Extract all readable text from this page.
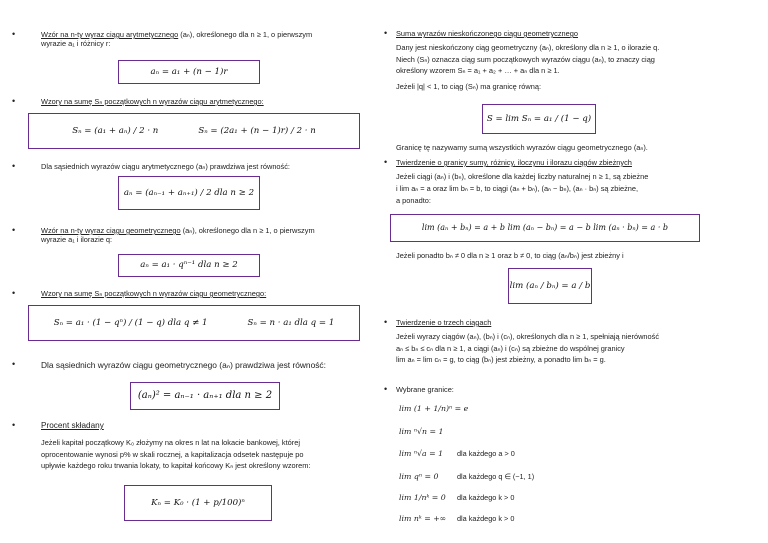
•	Wzór na n-ty wyraz ciągu arytmetycznego (aₙ), określonego dla n ≥ 1, o pierwszym
wyrazie a₁ i różnicy r:
aₙ = a₁ + (n − 1)r
•	Wzory na sumę Sₙ początkowych n wyrazów ciągu arytmetycznego:
Sₙ = (a₁ + aₙ) / 2 · n	Sₙ = (2a₁ + (n − 1)r) / 2 · n
•	Dla sąsiednich wyrazów ciągu arytmetycznego (aₙ) prawdziwa jest równość:
aₙ = (aₙ₋₁ + aₙ₊₁) / 2 dla n ≥ 2
•	Wzór na n-ty wyraz ciągu geometrycznego (aₙ), określonego dla n ≥ 1, o pierwszym
wyrazie a₁ i ilorazie q:
aₙ = a₁ · qⁿ⁻¹ dla n ≥ 2
•	Wzory na sumę Sₙ początkowych n wyrazów ciągu geometrycznego:
Sₙ = a₁ · (1 − qⁿ) / (1 − q) dla q ≠ 1	Sₙ = n · a₁ dla q = 1
•	Dla sąsiednich wyrazów ciągu geometrycznego (aₙ) prawdziwa jest równość:
(aₙ)² = aₙ₋₁ · aₙ₊₁ dla n ≥ 2
•	Procent składany
Jeżeli kapitał początkowy K₀ złożymy na okres n lat na lokacie bankowej, której
oprocentowanie wynosi p% w skali rocznej, a kapitalizacja odsetek następuje po
upływie każdego roku trwania lokaty, to kapitał końcowy Kₙ jest określony wzorem:
Kₙ = K₀ · (1 + p/100)ⁿ
• Suma wyrazów nieskończonego ciągu geometrycznego
Dany jest nieskończony ciąg geometryczny (aₙ), określony dla n ≥ 1, o ilorazie q.
Niech (Sₙ) oznacza ciąg sum początkowych wyrazów ciągu (aₙ), to znaczy ciąg
określony wzorem Sₙ = a₁ + a₂ + … + aₙ dla n ≥ 1.
Jeżeli |q| < 1, to ciąg (Sₙ) ma granicę równą:
S = lim Sₙ = a₁ / (1 − q)
Granicę tę nazywamy sumą wszystkich wyrazów ciągu geometrycznego (aₙ).
• Twierdzenie o granicy sumy, różnicy, iloczynu i ilorazu ciągów zbieżnych
Jeżeli ciągi (aₙ) i (bₙ), określone dla każdej liczby naturalnej n ≥ 1, są zbieżne
i lim aₙ = a oraz lim bₙ = b, to ciągi (aₙ + bₙ), (aₙ − bₙ), (aₙ · bₙ) są zbieżne,
a ponadto:
lim (aₙ + bₙ) = a + b lim (aₙ − bₙ) = a − b lim (aₙ · bₙ) = a · b
Jeżeli ponadto bₙ ≠ 0 dla n ≥ 1 oraz b ≠ 0, to ciąg (aₙ/bₙ) jest zbieżny i
lim (aₙ / bₙ) = a / b
• Twierdzenie o trzech ciągach
Jeżeli wyrazy ciągów (aₙ), (bₙ) i (cₙ), określonych dla n ≥ 1, spełniają nierówność
aₙ ≤ bₙ ≤ cₙ dla n ≥ 1, a ciągi (aₙ) i (cₙ) są zbieżne do wspólnej granicy
lim aₙ = lim cₙ = g, to ciąg (bₙ) jest zbieżny, a ponadto lim bₙ = g.
• Wybrane granice:
lim (1 + 1/n)ⁿ = e
lim ⁿ√n = 1
lim ⁿ√a = 1 dla każdego a > 0
lim qⁿ = 0	dla każdego q ∈ (−1, 1)
lim 1/nᵏ = 0 dla każdego k > 0
lim nᵏ = +∞ dla każdego k > 0
